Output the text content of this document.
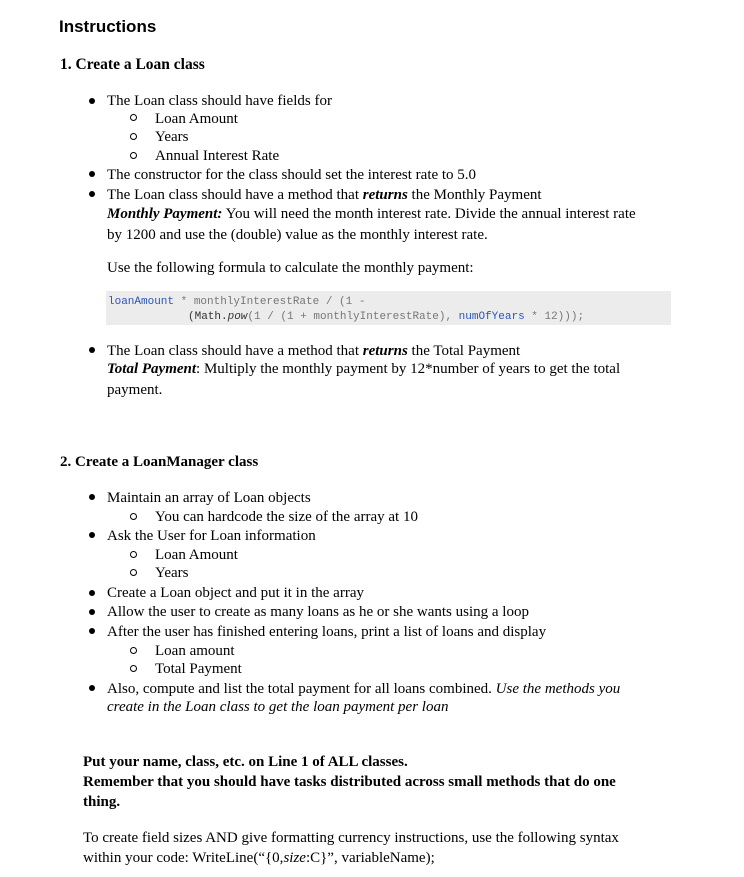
Instructions
1. Create a Loan class
The Loan class should have fields for
Loan Amount
Years
Annual Interest Rate
The constructor for the class should set the interest rate to 5.0
The Loan class should have a method that returns the Monthly Payment
Monthly Payment: You will need the month interest rate. Divide the annual interest rate
by 1200 and use the (double) value as the monthly interest rate.
Use the following formula to calculate the monthly payment:
loanAmount * monthlyInterestRate / (1 -
(Math.pow(1 / (1 + monthlyInterestRate), numOfYears * 12)));
The Loan class should have a method that returns the Total Payment
Total Payment: Multiply the monthly payment by 12*number of years to get the total
payment.
2. Create a LoanManager class
Maintain an array of Loan objects
You can hardcode the size of the array at 10
Ask the User for Loan information
Loan Amount
Years
Create a Loan object and put it in the array
Allow the user to create as many loans as he or she wants using a loop
After the user has finished entering loans, print a list of loans and display
Loan amount
Total Payment
Also, compute and list the total payment for all loans combined. Use the methods you
create in the Loan class to get the loan payment per loan
Put your name, class, etc. on Line 1 of ALL classes.
Remember that you should have tasks distributed across small methods that do one
thing.
To create field sizes AND give formatting currency instructions, use the following syntax
within your code: WriteLine(“{0,size:C}”, variableName);
